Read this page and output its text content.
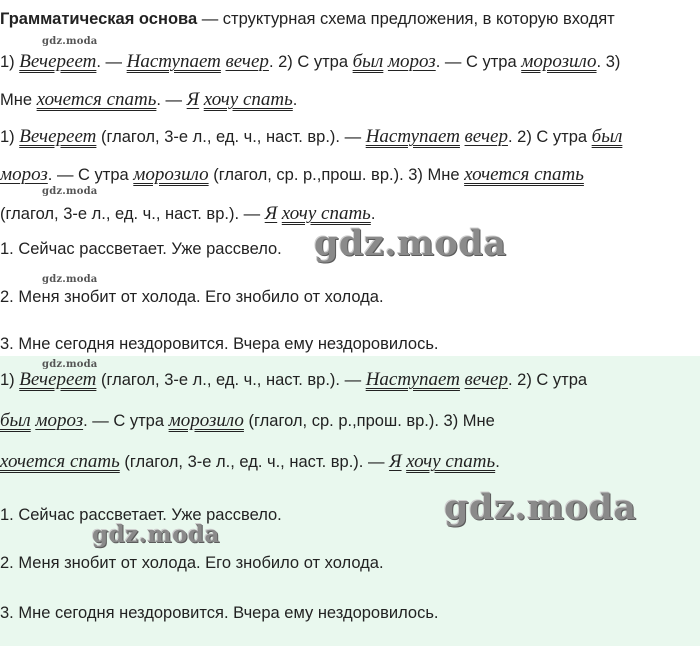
Грамматическая основа — структурная схема предложения, в которую входят
1) Вечереет. — Наступает вечер. 2) С утра был мороз. — С утра морозило. 3)
Мне хочется спать. — Я хочу спать.
1) Вечереет (глагол, 3-е л., ед. ч., наст. вр.). — Наступает вечер. 2) С утра был
мороз. — С утра морозило (глагол, ср. р.,прош. вр.). 3) Мне хочется спать
(глагол, 3-е л., ед. ч., наст. вр.). — Я хочу спать.
1. Сейчас рассветает. Уже рассвело.
2. Меня знобит от холода. Его знобило от холода.
3. Мне сегодня нездоровится. Вчера ему нездоровилось.
1) Вечереет (глагол, 3-е л., ед. ч., наст. вр.). — Наступает вечер. 2) С утра
был мороз. — С утра морозило (глагол, ср. р.,прош. вр.). 3) Мне
хочется спать (глагол, 3-е л., ед. ч., наст. вр.). — Я хочу спать.
1. Сейчас рассветает. Уже рассвело.
2. Меня знобит от холода. Его знобило от холода.
3. Мне сегодня нездоровится. Вчера ему нездоровилось.
gdz.moda
gdz.moda
gdz.moda
gdz.moda
gdz.moda
gdz.moda
gdz.moda
